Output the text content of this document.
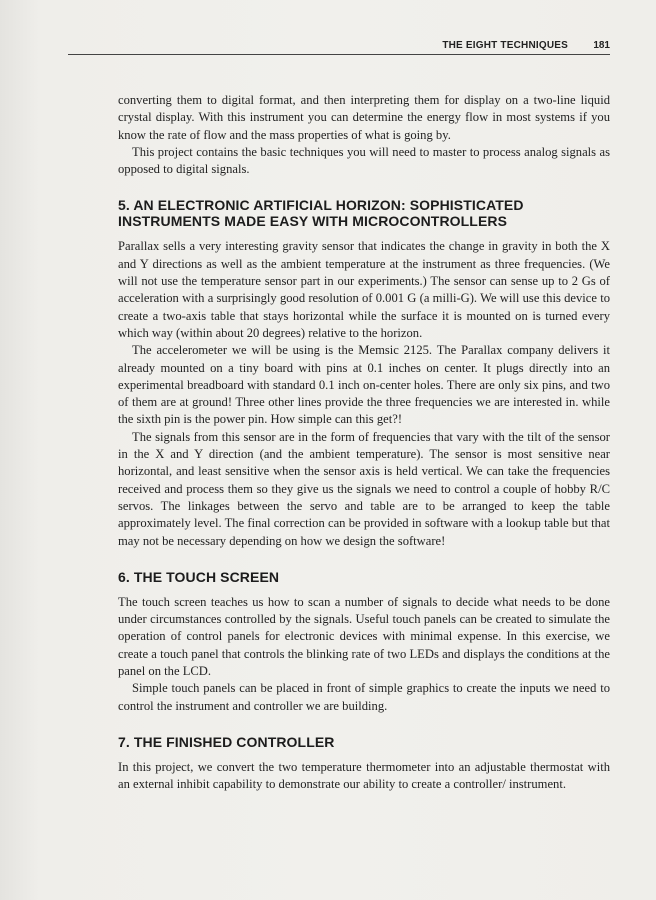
THE EIGHT TECHNIQUES	181

converting them to digital format, and then interpreting them for display on a two-line liquid crystal display. With this instrument you can determine the energy flow in most systems if you know the rate of flow and the mass properties of what is going by.

This project contains the basic techniques you will need to master to process analog signals as opposed to digital signals.

5. AN ELECTRONIC ARTIFICIAL HORIZON: SOPHISTICATED INSTRUMENTS MADE EASY WITH MICROCONTROLLERS

Parallax sells a very interesting gravity sensor that indicates the change in gravity in both the X and Y directions as well as the ambient temperature at the instrument as three frequencies. (We will not use the temperature sensor part in our experiments.) The sensor can sense up to 2 Gs of acceleration with a surprisingly good resolution of 0.001 G (a milli-G). We will use this device to create a two-axis table that stays horizontal while the surface it is mounted on is turned every which way (within about 20 degrees) relative to the horizon.

The accelerometer we will be using is the Memsic 2125. The Parallax company delivers it already mounted on a tiny board with pins at 0.1 inches on center. It plugs directly into an experimental breadboard with standard 0.1 inch on-center holes. There are only six pins, and two of them are at ground! Three other lines provide the three frequencies we are interested in. while the sixth pin is the power pin. How simple can this get?!

The signals from this sensor are in the form of frequencies that vary with the tilt of the sensor in the X and Y direction (and the ambient temperature). The sensor is most sensitive near horizontal, and least sensitive when the sensor axis is held vertical. We can take the frequencies received and process them so they give us the signals we need to control a couple of hobby R/C servos. The linkages between the servo and table are to be arranged to keep the table approximately level. The final correction can be provided in software with a lookup table but that may not be necessary depending on how we design the software!

6. THE TOUCH SCREEN

The touch screen teaches us how to scan a number of signals to decide what needs to be done under circumstances controlled by the signals. Useful touch panels can be created to simulate the operation of control panels for electronic devices with minimal expense. In this exercise, we create a touch panel that controls the blinking rate of two LEDs and displays the conditions at the panel on the LCD.

Simple touch panels can be placed in front of simple graphics to create the inputs we need to control the instrument and controller we are building.

7. THE FINISHED CONTROLLER

In this project, we convert the two temperature thermometer into an adjustable thermostat with an external inhibit capability to demonstrate our ability to create a controller/ instrument.
